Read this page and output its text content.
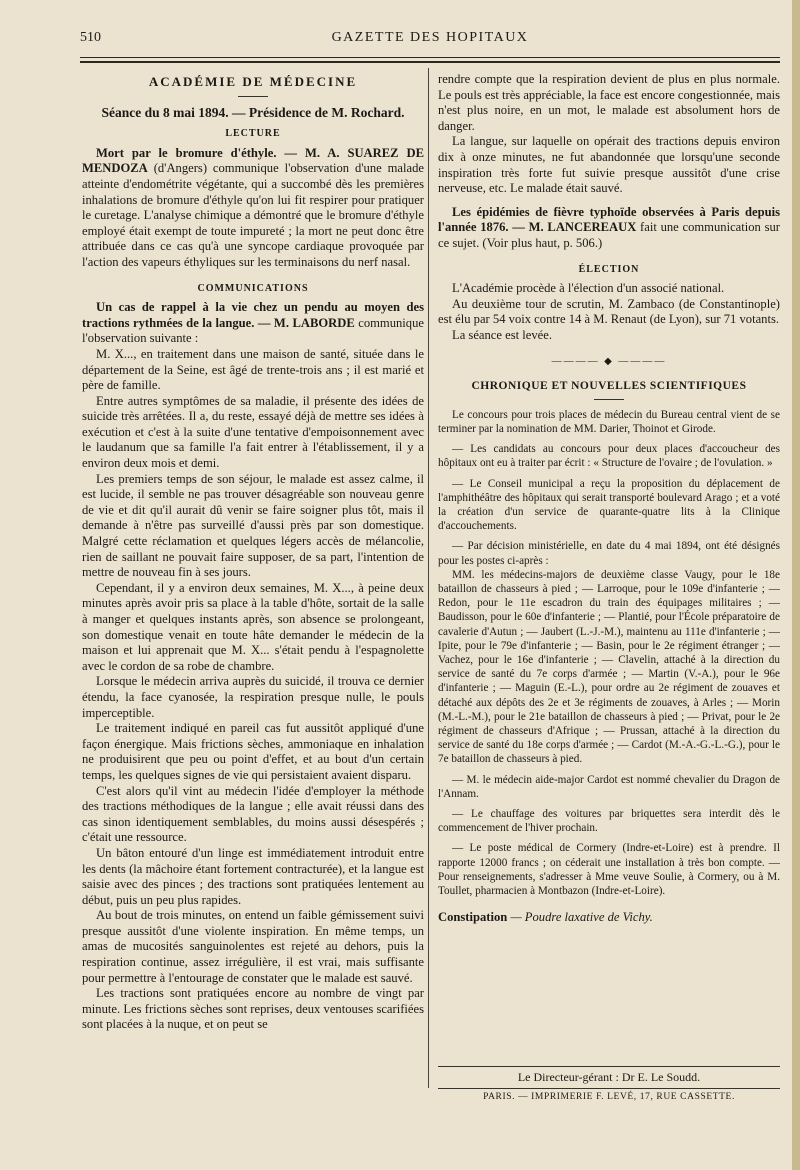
510	GAZETTE DES HOPITAUX
ACADÉMIE DE MÉDECINE

Séance du 8 mai 1894. — Présidence de M. Rochard.

LECTURE

Mort par le bromure d'éthyle. — M. A. SUAREZ DE MENDOZA (d'Angers) communique l'observation d'une malade atteinte d'endométrite végétante, qui a succombé dès les premières inhalations de bromure d'éthyle qu'on lui fit respirer pour pratiquer le curetage. L'analyse chimique a démontré que le bromure d'éthyle employé était exempt de toute impureté ; la mort ne peut donc être attribuée dans ce cas qu'à une syncope cardiaque provoquée par l'action des vapeurs éthyliques sur les terminaisons du nerf nasal.

COMMUNICATIONS

Un cas de rappel à la vie chez un pendu au moyen des tractions rythmées de la langue. — M. LABORDE communique l'observation suivante :

M. X..., en traitement dans une maison de santé, située dans le département de la Seine, est âgé de trente-trois ans ; il est marié et père de famille.

Entre autres symptômes de sa maladie, il présente des idées de suicide très arrêtées. Il a, du reste, essayé déjà de mettre ses idées à exécution et c'est à la suite d'une tentative d'empoisonnement avec le laudanum que sa famille l'a fait entrer à l'établissement, il y a environ deux mois et demi.

Les premiers temps de son séjour, le malade est assez calme, il est lucide, il semble ne pas trouver désagréable son nouveau genre de vie et dit qu'il aurait dû venir se faire soigner plus tôt, mais il demande à n'être pas surveillé d'aussi près par son domestique. Malgré cette réclamation et quelques légers accès de mélancolie, rien de saillant ne pouvait faire supposer, de sa part, l'intention de mettre de nouveau fin à ses jours.

Cependant, il y a environ deux semaines, M. X..., à peine deux minutes après avoir pris sa place à la table d'hôte, sortait de la salle à manger et quelques instants après, son absence se prolongeant, son domestique venait en toute hâte demander le médecin de la maison et lui apprenait que M. X... s'était pendu à l'espagnolette avec le cordon de sa robe de chambre.

Lorsque le médecin arriva auprès du suicidé, il trouva ce dernier étendu, la face cyanosée, la respiration presque nulle, le pouls imperceptible.

Le traitement indiqué en pareil cas fut aussitôt appliqué d'une façon énergique. Mais frictions sèches, ammoniaque en inhalation ne produisirent que peu ou point d'effet, et au bout d'un certain temps, les quelques signes de vie qui persistaient avaient disparu.

C'est alors qu'il vint au médecin l'idée d'employer la méthode des tractions méthodiques de la langue ; elle avait réussi dans des cas sinon identiquement semblables, du moins aussi désespérés ; c'était une ressource.

Un bâton entouré d'un linge est immédiatement introduit entre les dents (la mâchoire étant fortement contracturée), et la langue est saisie avec des pinces ; des tractions sont pratiquées lentement au début, puis un peu plus rapides.

Au bout de trois minutes, on entend un faible gémissement suivi presque aussitôt d'une violente inspiration. En même temps, un amas de mucosités sanguinolentes est rejeté au dehors, puis la respiration continue, assez irrégulière, il est vrai, mais suffisante pour permettre à l'entourage de constater que le malade est sauvé.

Les tractions sont pratiquées encore au nombre de vingt par minute. Les frictions sèches sont reprises, deux ventouses scarifiées sont placées à la nuque, et on peut se

rendre compte que la respiration devient de plus en plus normale. Le pouls est très appréciable, la face est encore congestionnée, mais n'est plus noire, en un mot, le malade est absolument hors de danger.

La langue, sur laquelle on opérait des tractions depuis environ dix à onze minutes, ne fut abandonnée que lorsqu'une seconde inspiration très forte fut suivie presque aussitôt d'une crise nerveuse, etc. Le malade était sauvé.

Les épidémies de fièvre typhoïde observées à Paris depuis l'année 1876. — M. LANCEREAUX fait une communication sur ce sujet. (Voir plus haut, p. 506.)

ÉLECTION

L'Académie procède à l'élection d'un associé national.

Au deuxième tour de scrutin, M. Zambaco (de Constantinople) est élu par 54 voix contre 14 à M. Renaut (de Lyon), sur 71 votants.

La séance est levée.

———— ◆ ————
CHRONIQUE ET NOUVELLES SCIENTIFIQUES

Le concours pour trois places de médecin du Bureau central vient de se terminer par la nomination de MM. Darier, Thoinot et Girode.

— Les candidats au concours pour deux places d'accoucheur des hôpitaux ont eu à traiter par écrit : « Structure de l'ovaire ; de l'ovulation. »

— Le Conseil municipal a reçu la proposition du déplacement de l'amphithéâtre des hôpitaux qui serait transporté boulevard Arago ; et a voté la création d'un service de quarante-quatre lits à la Clinique d'accouchements.

— Par décision ministérielle, en date du 4 mai 1894, ont été désignés pour les postes ci-après :

MM. les médecins-majors de deuxième classe Vaugy, pour le 18e bataillon de chasseurs à pied ; — Larroque, pour le 109e d'infanterie ; — Redon, pour le 11e escadron du train des équipages militaires ; — Baudisson, pour le 60e d'infanterie ; — Plantié, pour l'École préparatoire de cavalerie d'Autun ; — Jaubert (L.-J.-M.), maintenu au 111e d'infanterie ; — Ipite, pour le 79e d'infanterie ; — Basin, pour le 2e régiment étranger ; — Vachez, pour le 16e d'infanterie ; — Clavelin, attaché à la direction du service de santé du 7e corps d'armée ; — Martin (V.-A.), pour le 96e d'infanterie ; — Maguin (E.-L.), pour ordre au 2e régiment de zouaves et détaché aux dépôts des 2e et 3e régiments de zouaves, à Arles ; — Morin (M.-L.-M.), pour le 21e bataillon de chasseurs à pied ; — Privat, pour le 2e régiment de chasseurs d'Afrique ; — Prussan, attaché à la direction du service de santé du 18e corps d'armée ; — Cardot (M.-A.-G.-L.-G.), pour le 7e bataillon de chasseurs à pied.

— M. le médecin aide-major Cardot est nommé chevalier du Dragon de l'Annam.

— Le chauffage des voitures par briquettes sera interdit dès le commencement de l'hiver prochain.

— Le poste médical de Cormery (Indre-et-Loire) est à prendre. Il rapporte 12000 francs ; on céderait une installation à très bon compte. — Pour renseignements, s'adresser à Mme veuve Soulie, à Cormery, ou à M. Toullet, pharmacien à Montbazon (Indre-et-Loire).

Constipation — Poudre laxative de Vichy.

Le Directeur-gérant : Dr E. Le Soudd.
PARIS. — IMPRIMERIE F. LEVÉ, 17, RUE CASSETTE.
